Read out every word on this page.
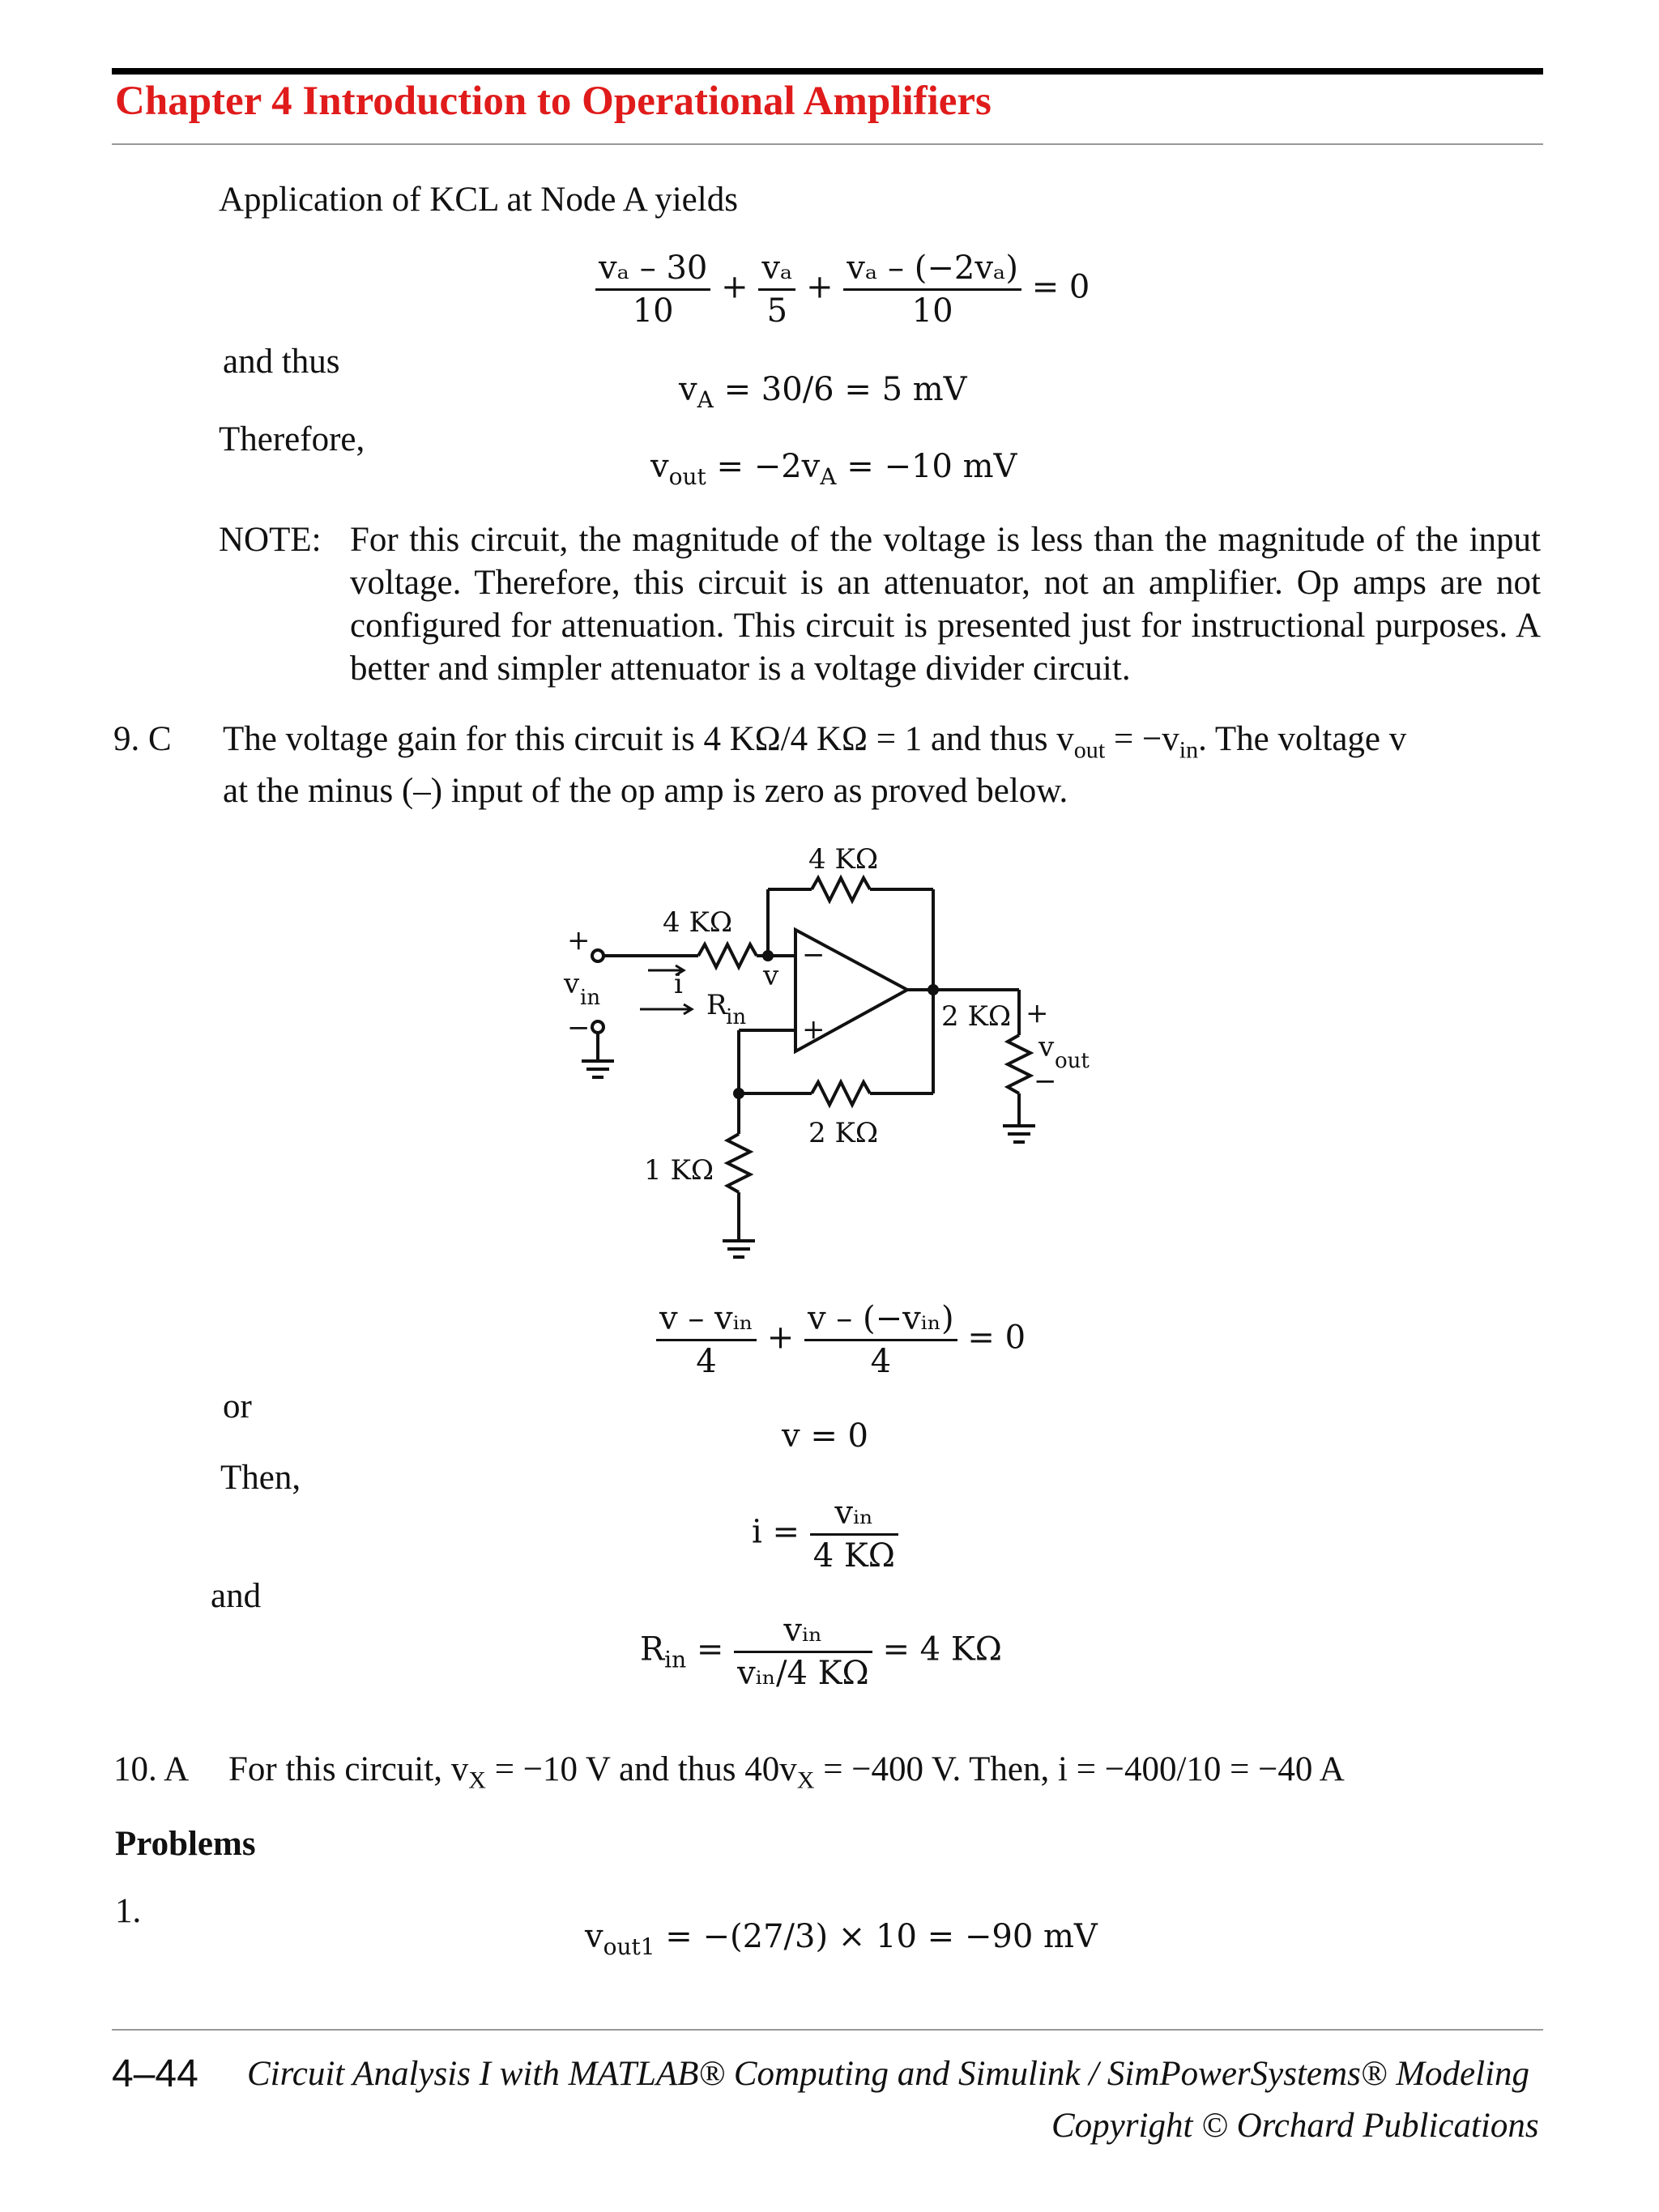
Chapter 4 Introduction to Operational Amplifiers
Application of KCL at Node A yields
$\frac{\text{vₐ – 30}}{10} + \frac{\text{vₐ}}{5} + \frac{\text{vₐ – (−2vₐ)}}{10} = 0$
and thus
$v_A = 30/6 = 5$ mV
Therefore,
$v_{out} = -2v_A = -10$ mV
NOTE: For this circuit, the magnitude of the voltage is less than the magnitude of the input voltage. Therefore, this circuit is an attenuator, not an amplifier. Op amps are not configured for attenuation. This circuit is presented just for instructional purposes. A better and simpler attenuator is a voltage divider circuit.
9. C The voltage gain for this circuit is 4 KΩ/4 KΩ = 1 and thus $v_{out} = -v_{in}$. The voltage v
at the minus (–) input of the op amp is zero as proved below.
4 KΩ
4 KΩ
2 KΩ
1 KΩ
2 KΩ
v
i
+
−
v in	R
in
−
+	+
−
v out
$\frac{\text{v – vᵢₙ}}{4} + \frac{\text{v – (−vᵢₙ)}}{4} = 0$
or
v = 0
Then,
$i = \frac{\text{vᵢₙ}}{4 K\Omega}$
and
$R_{in} = \frac{\text{vᵢₙ}}{\text{vᵢₙ/4 KΩ}} = 4$ KΩ
10. A For this circuit, $v_X = -10$ V and thus $40v_X = -400$ V. Then, i = −400/10 = −40 A
Problems
1.
$v_{out1} = -(27/3) \times 10 = -90$ mV
4–44 Circuit Analysis I with MATLAB® Computing and Simulink / SimPowerSystems® Modeling
Copyright © Orchard Publications
